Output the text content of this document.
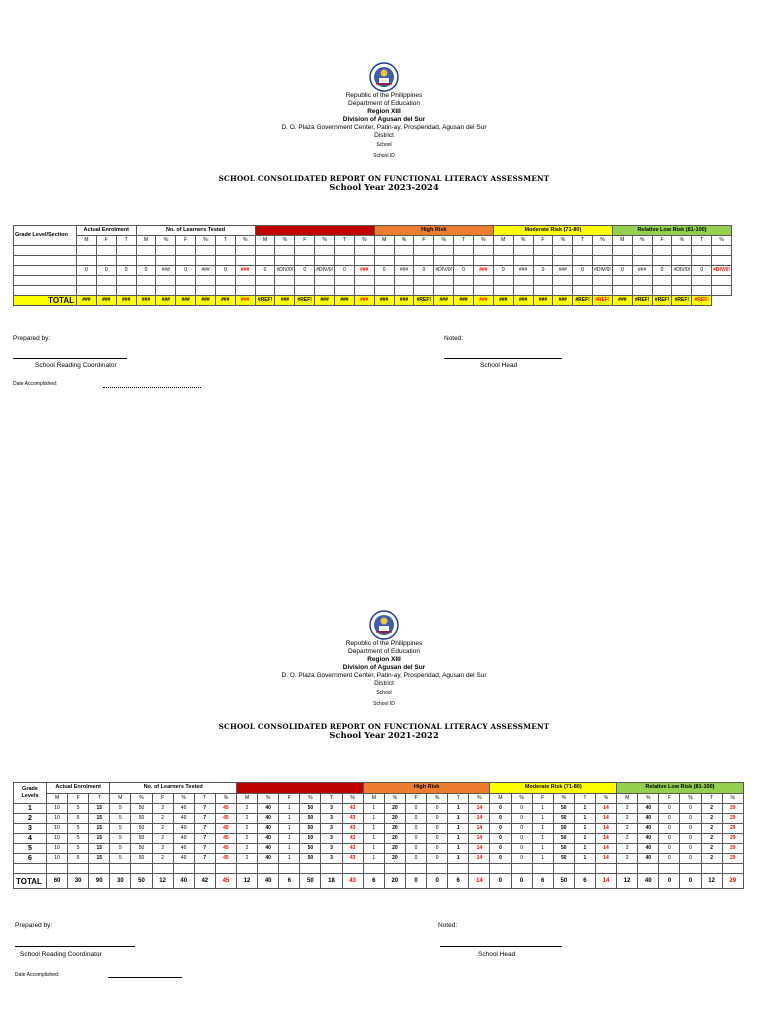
Republic of the Philippines
Department of Education
Region XIII
Division of Agusan del Sur
D. O. Plaza Government Center, Patin-ay, Prosperidad, Agusan del Sur
District
School
School ID
SCHOOL CONSOLIDATED REPORT ON FUNCTIONAL LITERACY ASSESSMENT
School Year 2023-2024
Grade Level/Section	Actual Enrolment			No. of Learners Tested						Critical Risk						High Risk						Moderate Risk (71-80)						Relative Low Risk (81-100)					
	M	F	T	M	%	F	%	T	%	M	%	F	%	T	%	M	%	F	%	T	%	M	%	F	%	T	%	M	%	F	%	T	%

	0	0	0	0	###	0	###	0	###	0	#DIV/0!	0	#DIV/0!	0	###	0	###	0	#DIV/0!	0	###	0	###	0	###	0	#DIV/0!	0	###	0	#DIV/0!	0	#DIV/0!

TOTAL	###	###	###	###	###	###	###	###	###	#REF!	###	#REF!	###	###	###	###	###	#REF!	###	###	###	###	###	###	###	#REF!	#REF!	###	#REF!	#REF!	#REF!	#REF!	
Prepared by:	Noted:
School Reading Coordinator	School Head
Date Accomplished:
Republic of the Philippines
Department of Education
Region XIII
Division of Agusan del Sur
D. O. Plaza Government Center, Patin-ay, Prosperidad, Agusan del Sur
District
School
School ID
SCHOOL CONSOLIDATED REPORT ON FUNCTIONAL LITERACY ASSESSMENT
School Year 2021-2022
Grade Levels	Actual Enrolment			No. of Learners Tested						Critical Risk						High Risk						Moderate Risk (71-80)						Relative Low Risk (81-100)					
	M	F	T	M	%	F	%	T	%	M	%	F	%	T	%	M	%	F	%	T	%	M	%	F	%	T	%	M	%	F	%	T	%
1	10	5	15	5	50	2	40	7	45	2	40	1	50	3	43	1	20	0	0	1	14	0	0	1	50	1	14	2	40	0	0	2	29
2	10	5	15	5	50	2	40	7	45	2	40	1	50	3	43	1	20	0	0	1	14	0	0	1	50	1	14	2	40	0	0	2	29
3	10	5	15	5	50	2	40	7	45	2	40	1	50	3	43	1	20	0	0	1	14	0	0	1	50	1	14	2	40	0	0	2	29
4	10	5	15	5	50	2	40	7	45	2	40	1	50	3	43	1	20	0	0	1	14	0	0	1	50	1	14	2	40	0	0	2	29
5	10	5	15	5	50	2	40	7	45	2	40	1	50	3	43	1	20	0	0	1	14	0	0	1	50	1	14	2	40	0	0	2	29
6	10	5	15	5	50	2	40	7	45	2	40	1	50	3	43	1	20	0	0	1	14	0	0	1	50	1	14	2	40	0	0	2	29

TOTAL	60	30	90	30	50	12	40	42	45	12	40	6	50	18	43	6	20	0	0	6	14	0	0	6	50	6	14	12	40	0	0	12	29
Prepared by:	Noted:
School Reading Coordinator	School Head
Date Accomplished:
